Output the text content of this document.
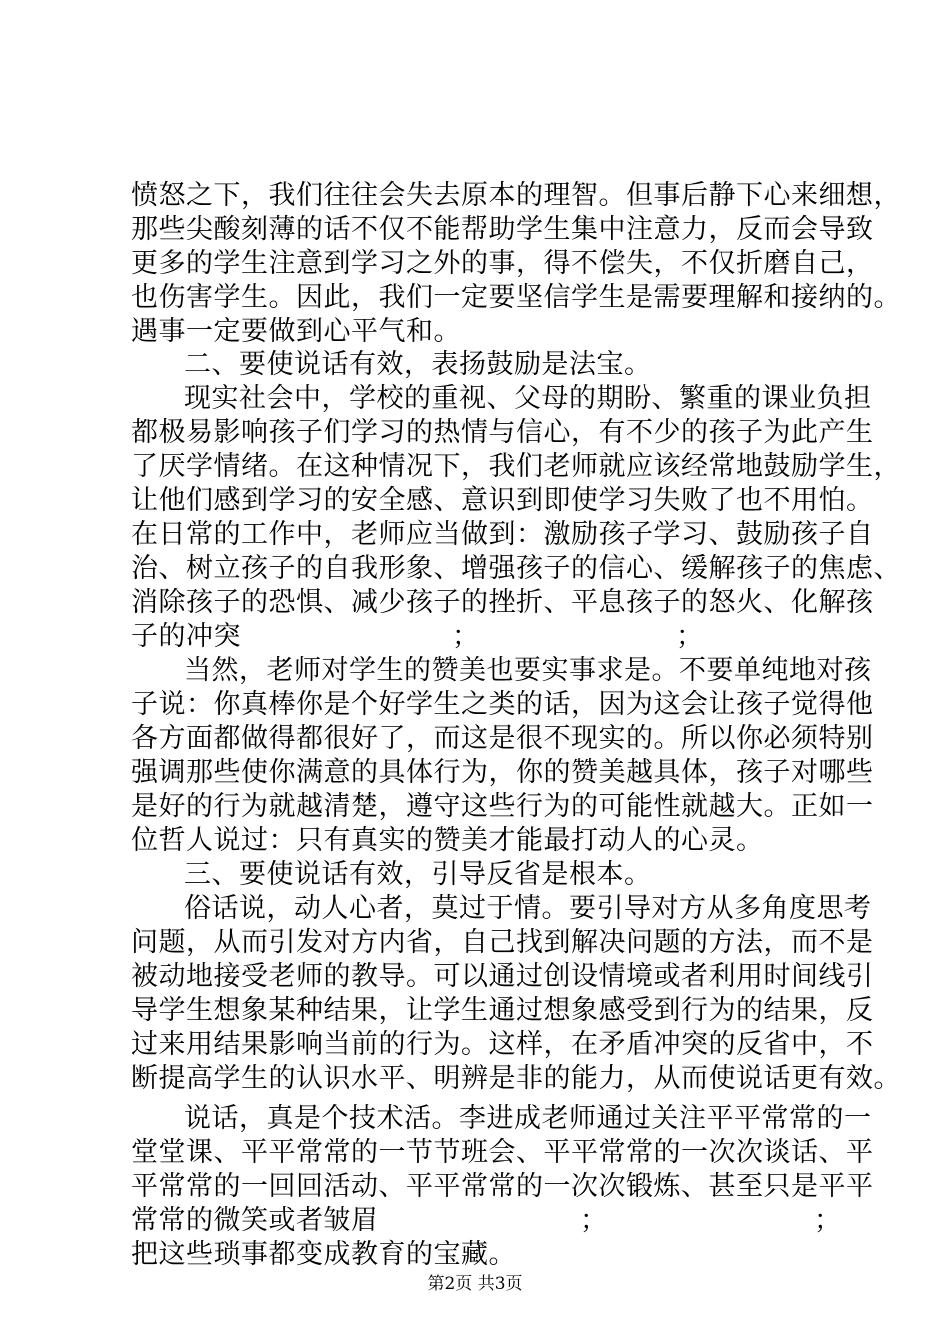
愤怒之下，我们往往会失去原本的理智。但事后静下心来细想，
那些尖酸刻薄的话不仅不能帮助学生集中注意力，反而会导致
更多的学生注意到学习之外的事，得不偿失，不仅折磨自己，
也伤害学生。因此，我们一定要坚信学生是需要理解和接纳的。
遇事一定要做到心平气和。
二、要使说话有效，表扬鼓励是法宝。
现实社会中，学校的重视、父母的期盼、繁重的课业负担
都极易影响孩子们学习的热情与信心，有不少的孩子为此产生
了厌学情绪。在这种情况下，我们老师就应该经常地鼓励学生，
让他们感到学习的安全感、意识到即使学习失败了也不用怕。
在日常的工作中，老师应当做到：激励孩子学习、鼓励孩子自
治、树立孩子的自我形象、增强孩子的信心、缓解孩子的焦虑、
消除孩子的恐惧、减少孩子的挫折、平息孩子的怒火、化解孩
子的冲突	；	；
当然，老师对学生的赞美也要实事求是。不要单纯地对孩
子说：你真棒你是个好学生之类的话，因为这会让孩子觉得他
各方面都做得都很好了，而这是很不现实的。所以你必须特别
强调那些使你满意的具体行为，你的赞美越具体，孩子对哪些
是好的行为就越清楚，遵守这些行为的可能性就越大。正如一
位哲人说过：只有真实的赞美才能最打动人的心灵。
三、要使说话有效，引导反省是根本。
俗话说，动人心者，莫过于情。要引导对方从多角度思考
问题，从而引发对方内省，自己找到解决问题的方法，而不是
被动地接受老师的教导。可以通过创设情境或者利用时间线引
导学生想象某种结果，让学生通过想象感受到行为的结果，反
过来用结果影响当前的行为。这样，在矛盾冲突的反省中，不
断提高学生的认识水平、明辨是非的能力，从而使说话更有效。
说话，真是个技术活。李进成老师通过关注平平常常的一
堂堂课、平平常常的一节节班会、平平常常的一次次谈话、平
平常常的一回回活动、平平常常的一次次锻炼、甚至只是平平
常常的微笑或者皱眉	；	；
把这些琐事都变成教育的宝藏。
第2页 共3页
